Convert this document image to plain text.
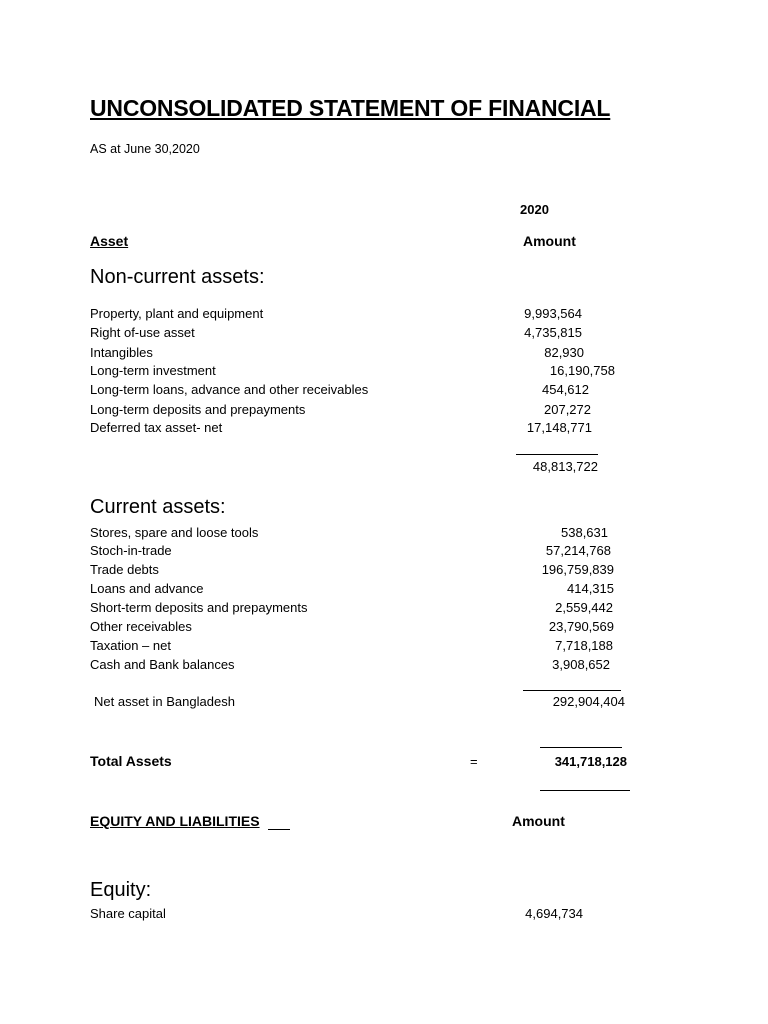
UNCONSOLIDATED STATEMENT OF FINANCIAL
AS at June 30,2020
2020
Asset	Amount
Non-current assets:
Property, plant and equipment	9,993,564
Right of-use asset	4,735,815
Intangibles	82,930
Long-term investment	16,190,758
Long-term loans, advance and other receivables	454,612
Long-term deposits and prepayments	207,272
Deferred tax asset- net	17,148,771
48,813,722
Current assets:
Stores, spare and loose tools	538,631
Stoch-in-trade	57,214,768
Trade debts	196,759,839
Loans and advance	414,315
Short-term deposits and prepayments	2,559,442
Other receivables	23,790,569
Taxation – net	7,718,188
Cash and Bank balances	3,908,652
Net asset in Bangladesh	292,904,404
Total Assets	=	341,718,128
EQUITY AND LIABILITIES	Amount
Equity:
Share capital	4,694,734
